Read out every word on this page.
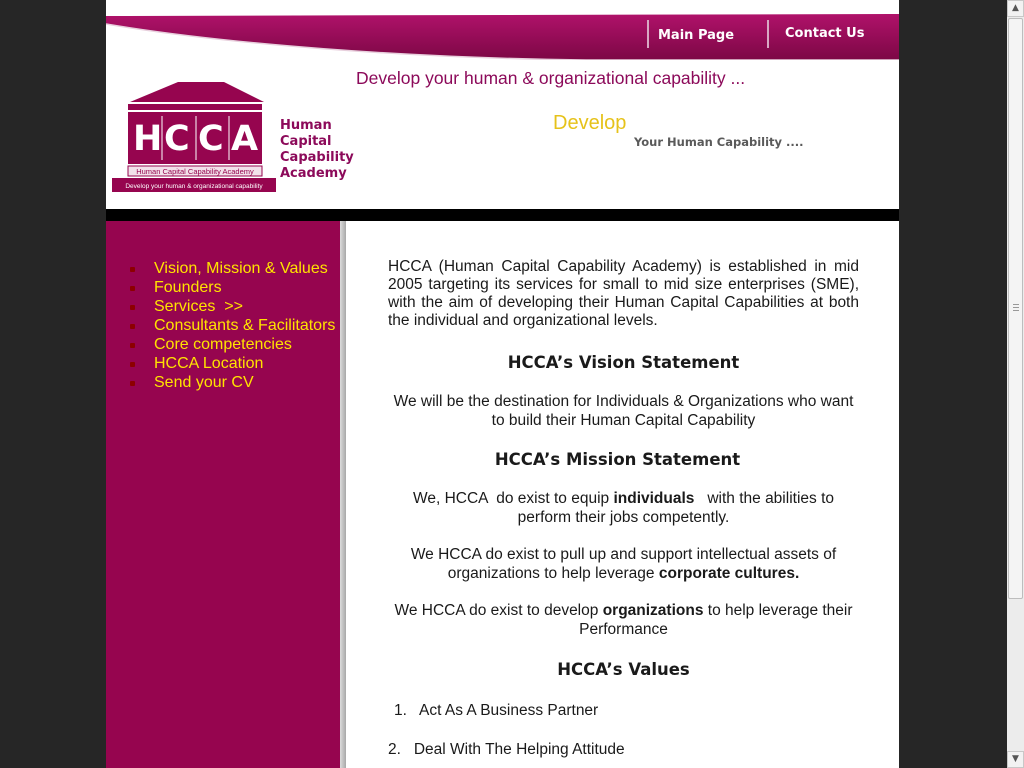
Main Page	Contact Us
Develop your human & organizational capability ...
H C C A
Human Capital Capability Academy
Develop your human & organizational capability
Human
Capital
Capability
Academy
Develop
Your Human Capability ....
Vision, Mission & Values
Founders
Services  >>
Consultants & Facilitators
Core competencies
HCCA Location
Send your CV

HCCA (Human Capital Capability Academy) is established in mid 2005 targeting its services for small to mid size enterprises (SME), with the aim of developing their Human Capital Capabilities at both the individual and organizational levels.

HCCA’s Vision Statement

We will be the destination for Individuals & Organizations who want to build their Human Capital Capability

HCCA’s Mission Statement

We, HCCA  do exist to equip individuals   with the abilities to perform their jobs competently.

We HCCA do exist to pull up and support intellectual assets of organizations to help leverage corporate cultures.

We HCCA do exist to develop organizations to help leverage their Performance

HCCA’s Values

1. Act As A Business Partner
2. Deal With The Helping Attitude
▲
▼
